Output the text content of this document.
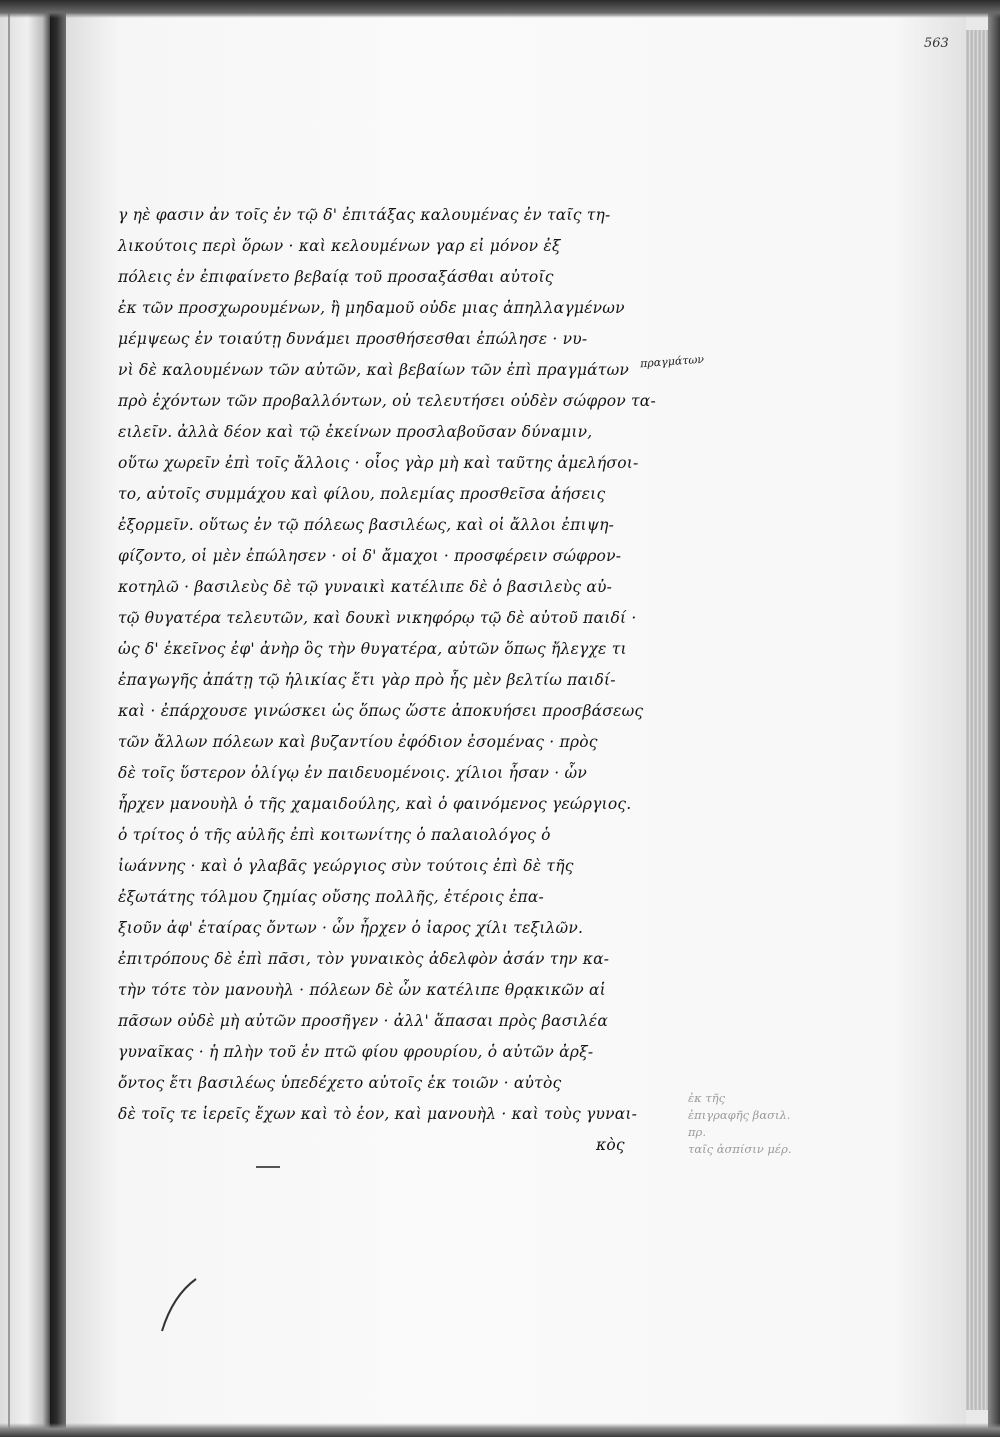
563
γ ηὲ φασιν ἀν τοῖς ἐν τῷ δ' ἐπιτάξας καλουμένας ἐν ταῖς τη-
λικούτοις περὶ ὅρων · καὶ κελουμένων γαρ εἰ μόνον ἐξ
πόλεις ἐν ἐπιφαίνετο βεβαίᾳ τοῦ προσαξάσθαι αὐτοῖς
ἐκ τῶν προσχωρουμένων, ἢ μηδαμοῦ οὐδε μιας ἀπηλλαγμένων
μέμψεως ἐν τοιαύτῃ δυνάμει προσθήσεσθαι ἐπώλησε · νυ-
νὶ δὲ καλουμένων τῶν αὐτῶν, καὶ βεβαίων τῶν ἐπὶ πραγμάτων
πρὸ ἐχόντων τῶν προβαλλόντων, οὐ τελευτήσει οὐδὲν σώφρον τα-
ειλεῖν. ἀλλὰ δέον καὶ τῷ ἐκείνων προσλαβοῦσαν δύναμιν,
οὕτω χωρεῖν ἐπὶ τοῖς ἄλλοις · οἷος γὰρ μὴ καὶ ταῦτης ἀμελήσοι-
το, αὐτοῖς συμμάχου καὶ φίλου, πολεμίας προσθεῖσα ἀήσεις
ἐξορμεῖν. οὕτως ἐν τῷ πόλεως βασιλέως, καὶ οἱ ἄλλοι ἐπιψη-
φίζοντο, οἱ μὲν ἐπώλησεν · οἱ δ' ἄμαχοι · προσφέρειν σώφρον-
κοτηλῶ · βασιλεὺς δὲ τῷ γυναικὶ κατέλιπε δὲ ὁ βασιλεὺς αὐ-
τῷ θυγατέρα τελευτῶν, καὶ δουκὶ νικηφόρῳ τῷ δὲ αὐτοῦ παιδί ·
ὡς δ' ἐκεῖνος ἐφ' ἀνὴρ ὃς τὴν θυγατέρα, αὐτῶν ὅπως ἤλεγχε τι
ἐπαγωγῆς ἀπάτῃ τῷ ἡλικίας ἔτι γὰρ πρὸ ἧς μὲν βελτίω παιδί-
καὶ · ἐπάρχουσε γινώσκει ὡς ὅπως ὥστε ἀποκυήσει προσβάσεως
τῶν ἄλλων πόλεων καὶ βυζαντίου ἐφόδιον ἐσομένας · πρὸς
δὲ τοῖς ὕστερον ὀλίγῳ ἐν παιδευομένοις. χίλιοι ἦσαν · ὧν
ἦρχεν μανουὴλ ὁ τῆς χαμαιδούλης, καὶ ὁ φαινόμενος γεώργιος.
ὁ τρίτος ὁ τῆς αὐλῆς ἐπὶ κοιτωνίτης ὁ παλαιολόγος ὁ
ἰωάννης · καὶ ὁ γλαβᾶς γεώργιος σὺν τούτοις ἐπὶ δὲ τῆς
ἐξωτάτης τόλμου ζημίας οὔσης πολλῆς, ἐτέροις ἐπα-
ξιοῦν ἀφ' ἑταίρας ὄντων · ὧν ἦρχεν ὁ ἰαρος χίλι τεξιλῶν.
ἐπιτρόπους δὲ ἐπὶ πᾶσι, τὸν γυναικὸς ἀδελφὸν ἀσάν την κα-
τὴν τότε τὸν μανουὴλ · πόλεων δὲ ὧν κατέλιπε θρᾳκικῶν αἱ
πᾶσων οὐδὲ μὴ αὐτῶν προσῆγεν · ἀλλ' ἅπασαι πρὸς βασιλέα
γυναῖκας · ἡ πλὴν τοῦ ἐν πτῶ φίου φρουρίου, ὁ αὐτῶν ἀρξ-
ὄντος ἔτι βασιλέως ὑπεδέχετο αὐτοῖς ἐκ τοιῶν · αὐτὸς
δὲ τοῖς τε ἱερεῖς ἔχων καὶ τὸ ἑον, καὶ μανουὴλ · καὶ τοὺς γυναι-
κὸς
πραγμάτων
ἐκ τῆς
ἐπιγραφῆς βασιλ. πρ.
ταῖς ἀσπίσιν μέρ.
